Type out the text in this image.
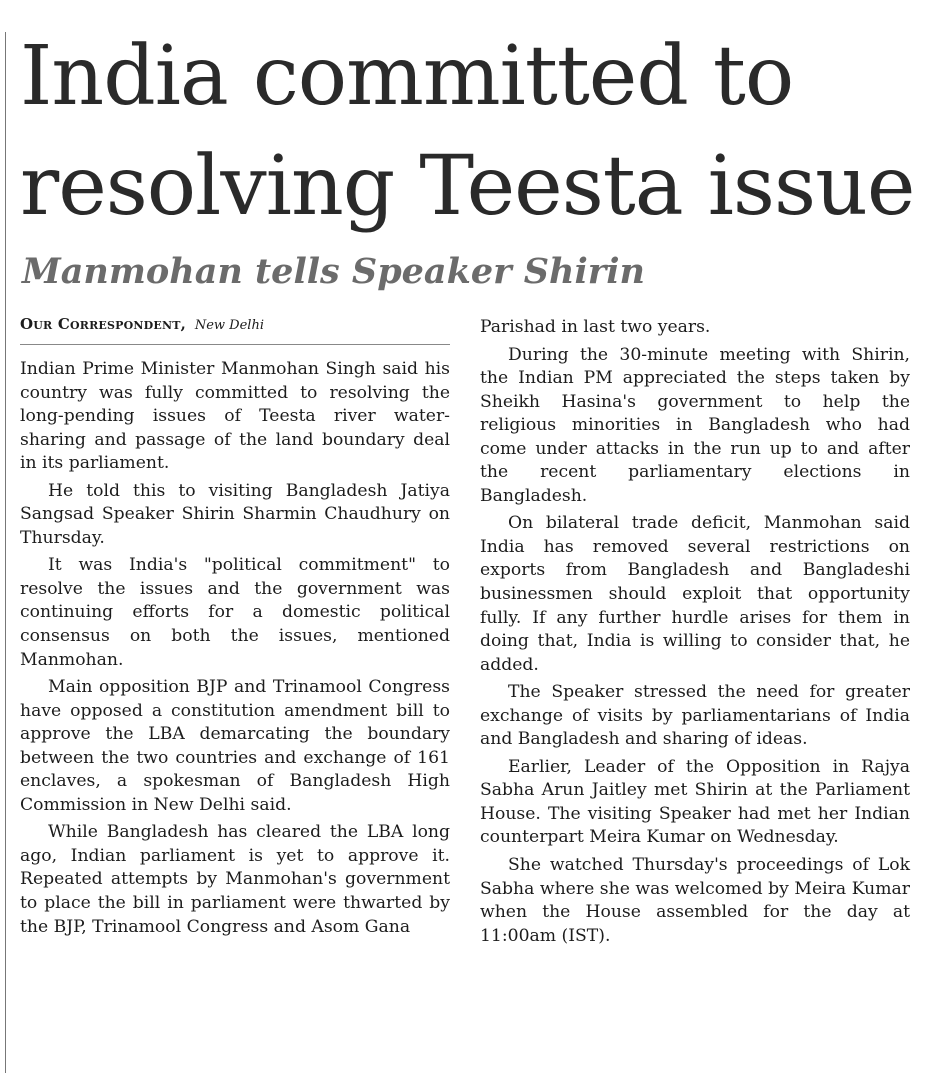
India committed to
resolving Teesta issue
Manmohan tells Speaker Shirin
Our Correspondent, New Delhi

Indian Prime Minister Manmohan Singh said his country was fully committed to resolving the long-pending issues of Teesta river water-sharing and passage of the land boundary deal in its parliament.

He told this to visiting Bangladesh Jatiya Sangsad Speaker Shirin Sharmin Chaudhury on Thursday.

It was India's "political commitment" to resolve the issues and the government was continuing efforts for a domestic political consensus on both the issues, mentioned Manmohan.

Main opposition BJP and Trinamool Congress have opposed a constitution amendment bill to approve the LBA demarcating the boundary between the two countries and exchange of 161 enclaves, a spokesman of Bangladesh High Commission in New Delhi said.

While Bangladesh has cleared the LBA long ago, Indian parliament is yet to approve it. Repeated attempts by Manmohan's government to place the bill in parliament were thwarted by the BJP, Trinamool Congress and Asom Gana

Parishad in last two years.

During the 30-minute meeting with Shirin, the Indian PM appreciated the steps taken by Sheikh Hasina's government to help the religious minorities in Bangladesh who had come under attacks in the run up to and after the recent parliamentary elections in Bangladesh.

On bilateral trade deficit, Manmohan said India has removed several restrictions on exports from Bangladesh and Bangladeshi businessmen should exploit that opportunity fully. If any further hurdle arises for them in doing that, India is willing to consider that, he added.

The Speaker stressed the need for greater exchange of visits by parliamentarians of India and Bangladesh and sharing of ideas.

Earlier, Leader of the Opposition in Rajya Sabha Arun Jaitley met Shirin at the Parliament House. The visiting Speaker had met her Indian counterpart Meira Kumar on Wednesday.

She watched Thursday's proceedings of Lok Sabha where she was welcomed by Meira Kumar when the House assembled for the day at 11:00am (IST).
